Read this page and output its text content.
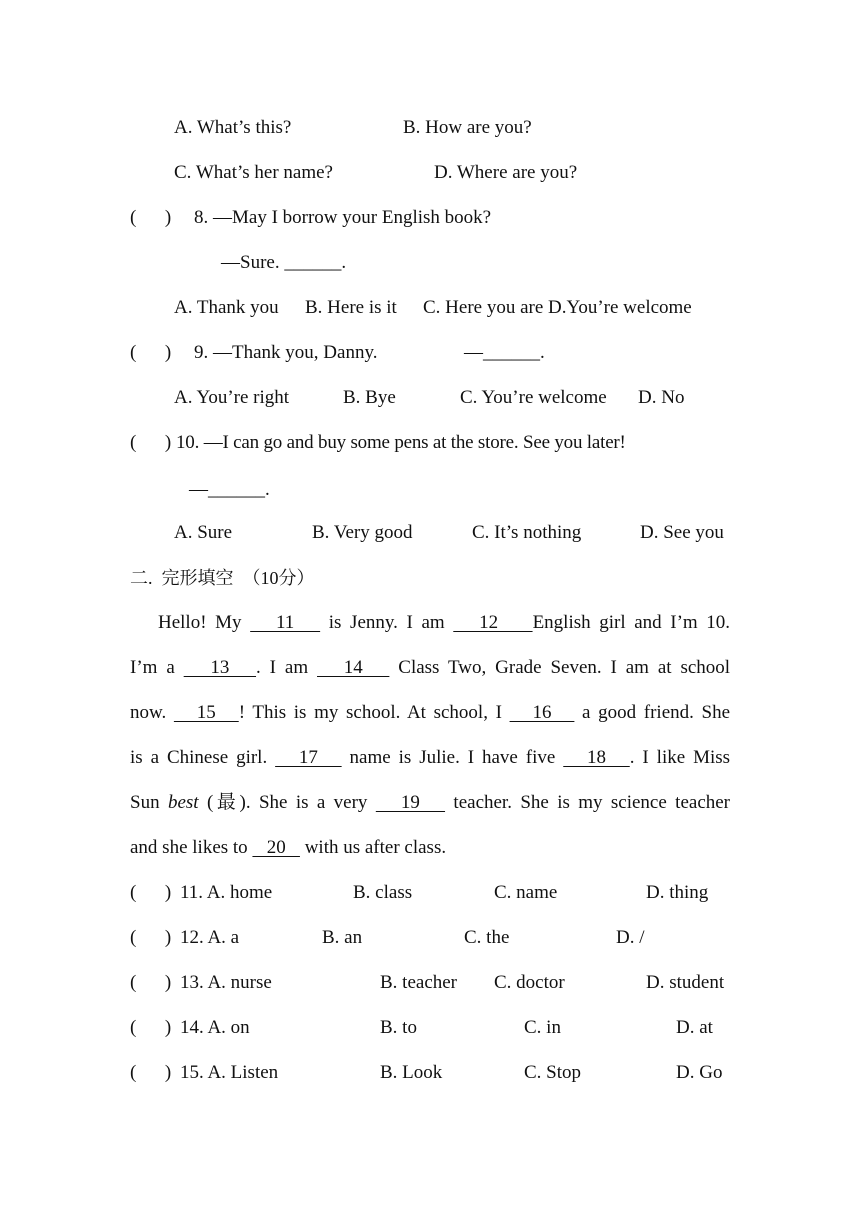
A. What’s this?	B. How are you?
C. What’s her name?	D. Where are you?
(      ) 8. —May I borrow your English book?
—Sure. ______.
A. Thank you B. Here is it C. Here you are D.You’re welcome
(      ) 9. —Thank you, Danny.	—______.
A. You’re right	B. Bye	C. You’re welcome D. No
(      ) 10. —I can go and buy some pens at the store. See you later!
—______.
A. Sure	B. Very good	C. It’s nothing	D. See you
二.  完形填空  （10分）
Hello! My    11    is Jenny. I am    12    English girl and I’m 10.
I’m a    13   . I am    14    Class Two, Grade Seven. I am at school
now.    15   ! This is my school. At school, I    16    a good friend. She
is a Chinese girl.    17    name is Julie. I have five    18   . I like Miss
Sun best (最). She is a very    19    teacher. She is my science teacher
and she likes to    20    with us after class.
(      ) 11. A. home	B. class	C. name	D. thing
(      ) 12. A. a	B. an	C. the	D. /
(      ) 13. A. nurse	B. teacher C. doctor	D. student
(      ) 14. A. on	B. to	C. in	D. at
(      ) 15. A. Listen	B. Look	C. Stop	D. Go
